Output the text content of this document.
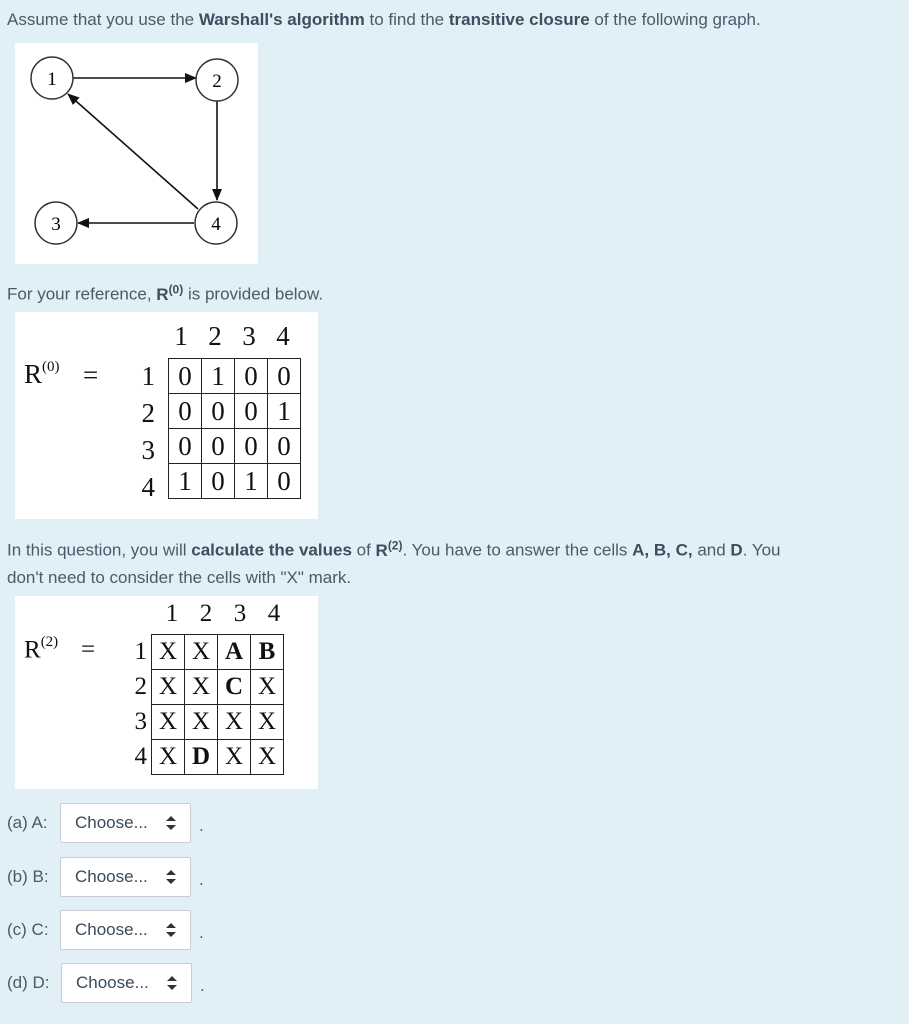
Assume that you use the Warshall's algorithm to find the transitive closure of the following graph.

1	2
3	4

For your reference, $R^{(0)}$ is provided below.

$R^{(0)}$ =
1 2 3 4
1
2
3
4
0	1	0	0
0	0	0	1
0	0	0	0
1	0	1	0

In this question, you will calculate the values of $R^{(2)}$. You have to answer the cells A, B, C, and D. You
don't need to consider the cells with "X" mark.

$R^{(2)}$ =
1 2 3 4
1
2
3
4
X	X	A	B
X	X	C	X
X	X	X	X
X	D	X	X
(a) A:	Choose...	.
(b) B:	Choose...	.
(c) C:	Choose...	.
(d) D:	Choose...	.
